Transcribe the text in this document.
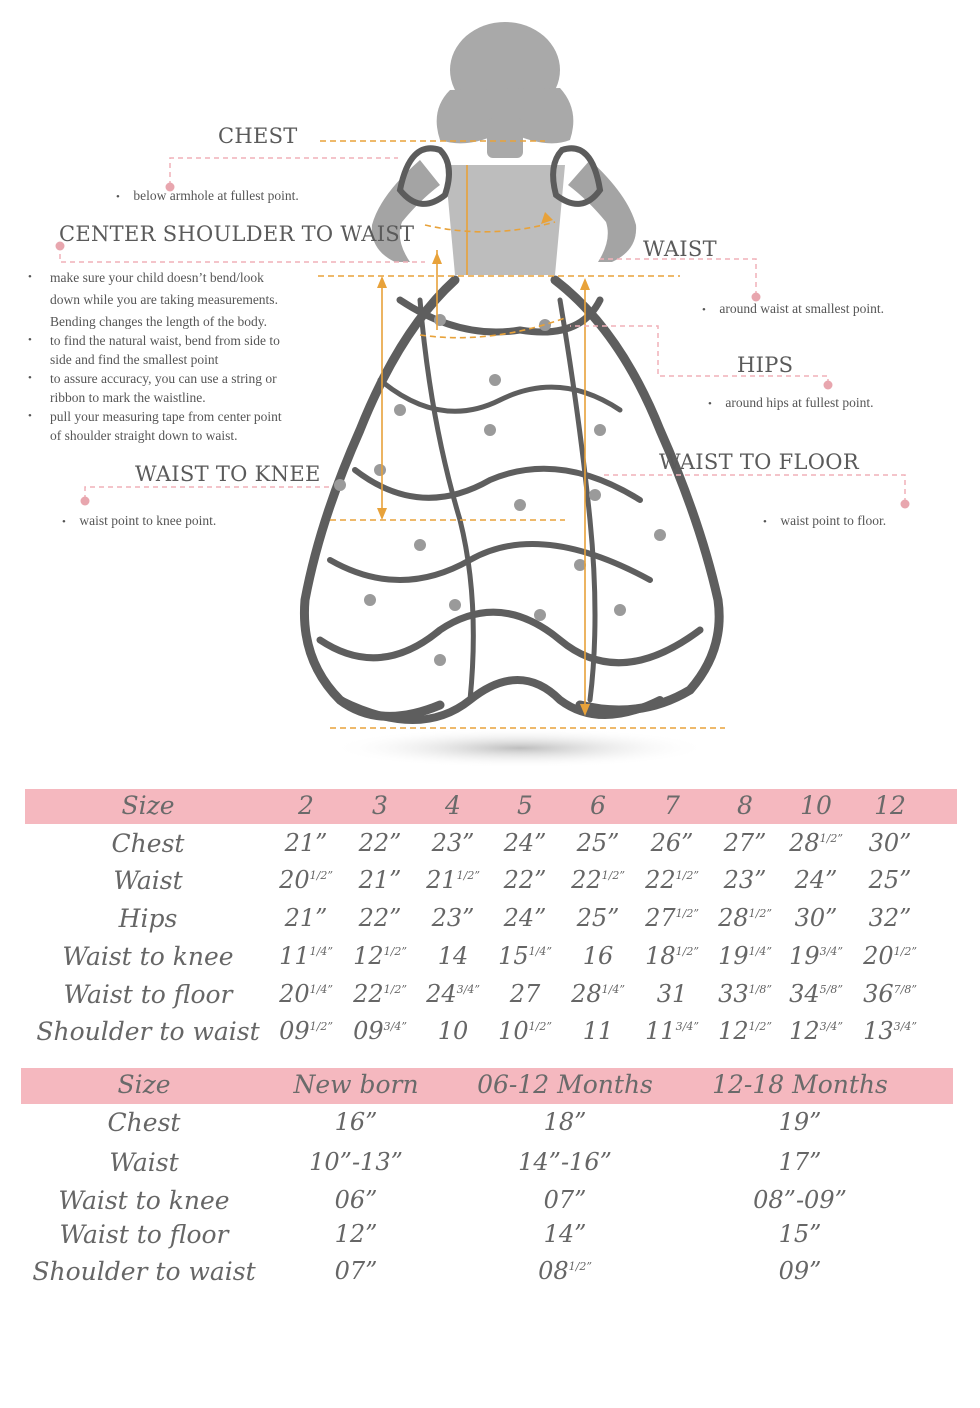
CHEST
• below armhole at fullest point.
CENTER SHOULDER TO WAIST
• make sure your child doesn’t bend/look
down while you are taking measurements.
Bending changes the length of the body.
• to find the natural waist, bend from side to
side and find the smallest point
• to assure accuracy, you can use a string or
ribbon to mark the waistline.
• pull your measuring tape from center point
of shoulder straight down to waist.
WAIST
• around waist at smallest point.
HIPS
• around hips at fullest point.
WAIST TO KNEE
• waist point to knee point.
WAIST TO FLOOR
• waist point to floor.
Size	2 3 4 5 6 7 8 10 12
Chest	21” 22” 23” 24” 25” 26” 27” $28^{1/2”}$ 30”
Waist	$20^{1/2”}$ 21” $21^{1/2”}$ 22” $22^{1/2”}$ $22^{1/2”}$ 23” 24” 25”
Hips	21” 22” 23” 24” 25” $27^{1/2”}$ $28^{1/2”}$ 30” 32”
Waist to knee $11^{1/4”}$ $12^{1/2”}$ 14 $15^{1/4”}$ 16 $18^{1/2”}$ $19^{1/4”}$ $19^{3/4”}$ $20^{1/2”}$
Waist to floor $20^{1/4”}$ $22^{1/2”}$ $24^{3/4”}$ 27 $28^{1/4”}$ 31 $33^{1/8”}$ $34^{5/8”}$ $36^{7/8”}$
Shoulder to waist $09^{1/2”}$ $09^{3/4”}$ 10 $10^{1/2”}$ 11 $11^{3/4”}$ $12^{1/2”}$ $12^{3/4”}$ $13^{3/4”}$
Size	New born 06-12 Months 12-18 Months
Chest	16”	18”	19”
Waist	10”-13”	14”-16”	17”
Waist to knee	06”	07”	08”-09”
Waist to floor	12”	14”	15”
Shoulder to waist	07”	$08^{1/2”}$	09”
